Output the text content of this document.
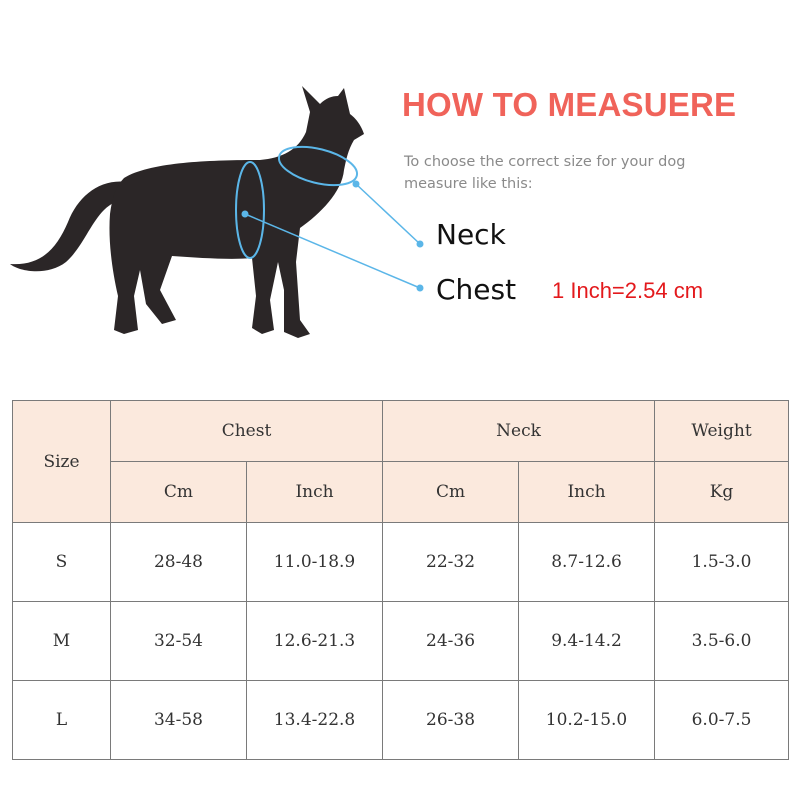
HOW TO MEASUERE
To choose the correct size for your dog measure like this:
Neck
Chest 1 Inch=2.54 cm
Size	Chest		Neck		Weight
	Cm	Inch	Cm	Inch	Kg
S	28-48	11.0-18.9	22-32	8.7-12.6	1.5-3.0
M	32-54	12.6-21.3	24-36	9.4-14.2	3.5-6.0
L	34-58	13.4-22.8	26-38	10.2-15.0	6.0-7.5
